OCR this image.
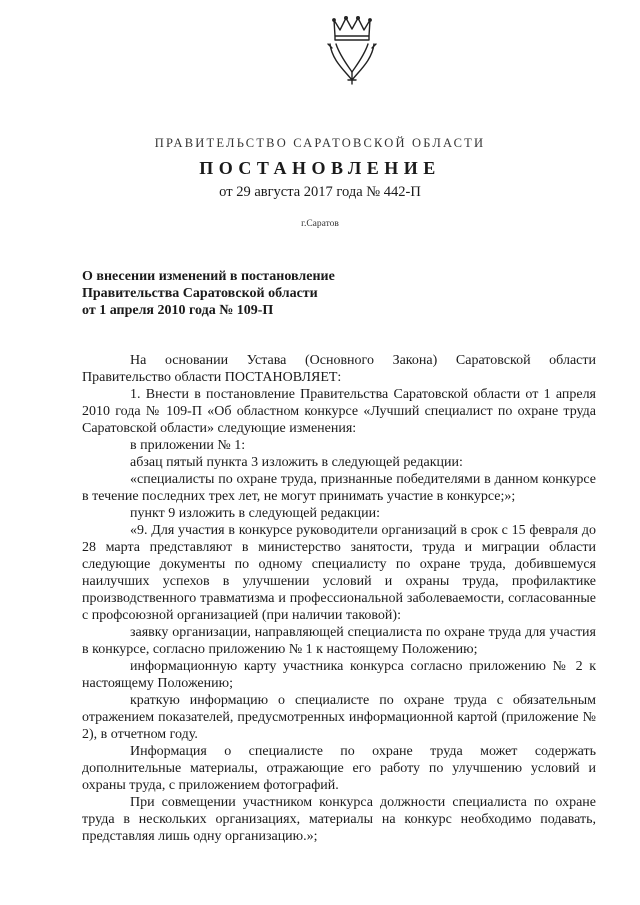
ПРАВИТЕЛЬСТВО САРАТОВСКОЙ ОБЛАСТИ
ПОСТАНОВЛЕНИЕ
от 29 августа 2017 года № 442-П
г.Саратов
О внесении изменений в постановление
Правительства Саратовской области
от 1 апреля 2010 года № 109-П

На основании Устава (Основного Закона) Саратовской области Правительство области ПОСТАНОВЛЯЕТ:

1. Внести в постановление Правительства Саратовской области от 1 апреля 2010 года № 109-П «Об областном конкурсе «Лучший специалист по охране труда Саратовской области» следующие изменения:

в приложении № 1:

абзац пятый пункта 3 изложить в следующей редакции:

«специалисты по охране труда, признанные победителями в данном конкурсе в течение последних трех лет, не могут принимать участие в конкурсе;»;

пункт 9 изложить в следующей редакции:

«9. Для участия в конкурсе руководители организаций в срок с 15 февраля до 28 марта представляют в министерство занятости, труда и миграции области следующие документы по одному специалисту по охране труда, добившемуся наилучших успехов в улучшении условий и охраны труда, профилактике производственного травматизма и профессиональной заболеваемости, согласованные с профсоюзной организацией (при наличии таковой):

заявку организации, направляющей специалиста по охране труда для участия в конкурсе, согласно приложению № 1 к настоящему Положению;

информационную карту участника конкурса согласно приложению № 2 к настоящему Положению;

краткую информацию о специалисте по охране труда с обязательным отражением показателей, предусмотренных информационной картой (приложение № 2), в отчетном году.

Информация о специалисте по охране труда может содержать дополнительные материалы, отражающие его работу по улучшению условий и охраны труда, с приложением фотографий.

При совмещении участником конкурса должности специалиста по охране труда в нескольких организациях, материалы на конкурс необходимо подавать, представляя лишь одну организацию.»;
